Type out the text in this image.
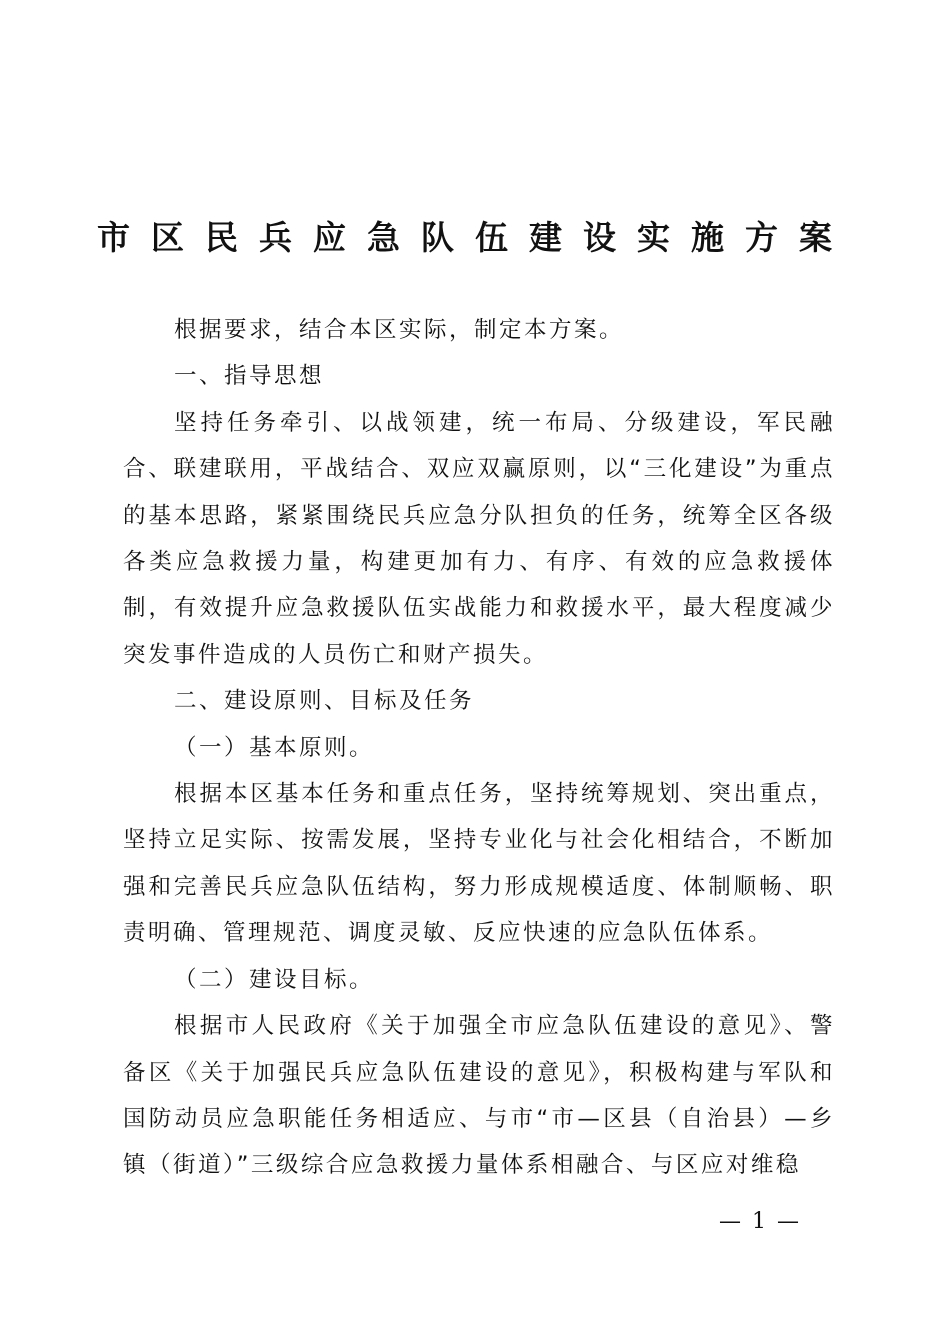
市区民兵应急队伍建设实施方案

根据要求，结合本区实际，制定本方案。

一、指导思想

坚持任务牵引、以战领建，统一布局、分级建设，军民融合、联建联用，平战结合、双应双赢原则，以“三化建设”为重点的基本思路，紧紧围绕民兵应急分队担负的任务，统筹全区各级各类应急救援力量，构建更加有力、有序、有效的应急救援体制，有效提升应急救援队伍实战能力和救援水平，最大程度减少突发事件造成的人员伤亡和财产损失。

二、建设原则、目标及任务

（一）基本原则。

根据本区基本任务和重点任务，坚持统筹规划、突出重点，坚持立足实际、按需发展，坚持专业化与社会化相结合，不断加强和完善民兵应急队伍结构，努力形成规模适度、体制顺畅、职责明确、管理规范、调度灵敏、反应快速的应急队伍体系。

（二）建设目标。

根据市人民政府《关于加强全市应急队伍建设的意见》、警备区《关于加强民兵应急队伍建设的意见》，积极构建与军队和国防动员应急职能任务相适应、与市“市—区县（自治县）—乡镇（街道）”三级综合应急救援力量体系相融合、与区应对维稳

— 1 —
